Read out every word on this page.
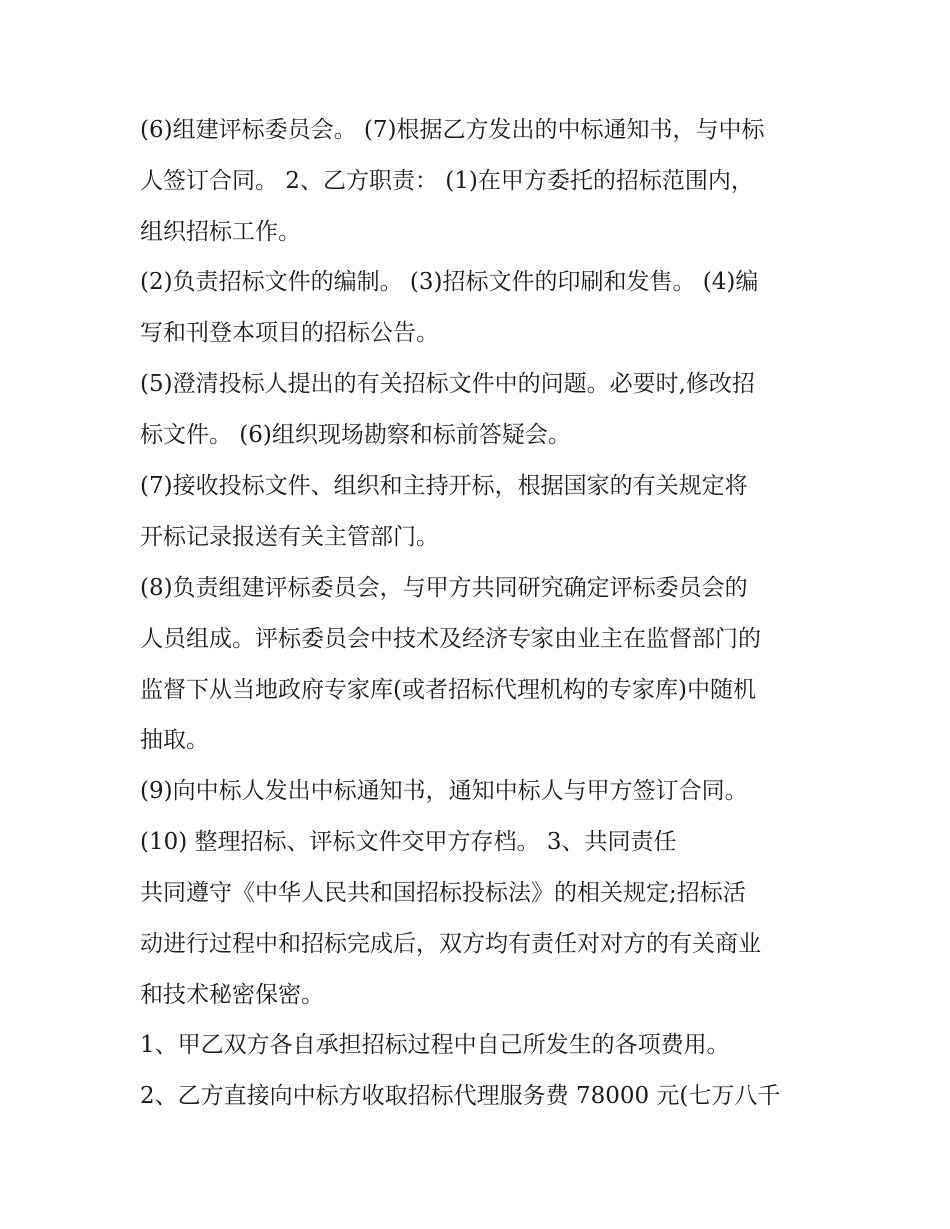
(6)组建评标委员会。 (7)根据乙方发出的中标通知书，与中标
人签订合同。 2、乙方职责： (1)在甲方委托的招标范围内，
组织招标工作。
(2)负责招标文件的编制。 (3)招标文件的印刷和发售。 (4)编
写和刊登本项目的招标公告。
(5)澄清投标人提出的有关招标文件中的问题。必要时,修改招
标文件。 (6)组织现场勘察和标前答疑会。
(7)接收投标文件、组织和主持开标，根据国家的有关规定将
开标记录报送有关主管部门。
(8)负责组建评标委员会，与甲方共同研究确定评标委员会的
人员组成。评标委员会中技术及经济专家由业主在监督部门的
监督下从当地政府专家库(或者招标代理机构的专家库)中随机
抽取。
(9)向中标人发出中标通知书，通知中标人与甲方签订合同。
(10) 整理招标、评标文件交甲方存档。 3、共同责任
共同遵守《中华人民共和国招标投标法》的相关规定;招标活
动进行过程中和招标完成后，双方均有责任对对方的有关商业
和技术秘密保密。
1、甲乙双方各自承担招标过程中自己所发生的各项费用。
2、乙方直接向中标方收取招标代理服务费 78000 元(七万八千
